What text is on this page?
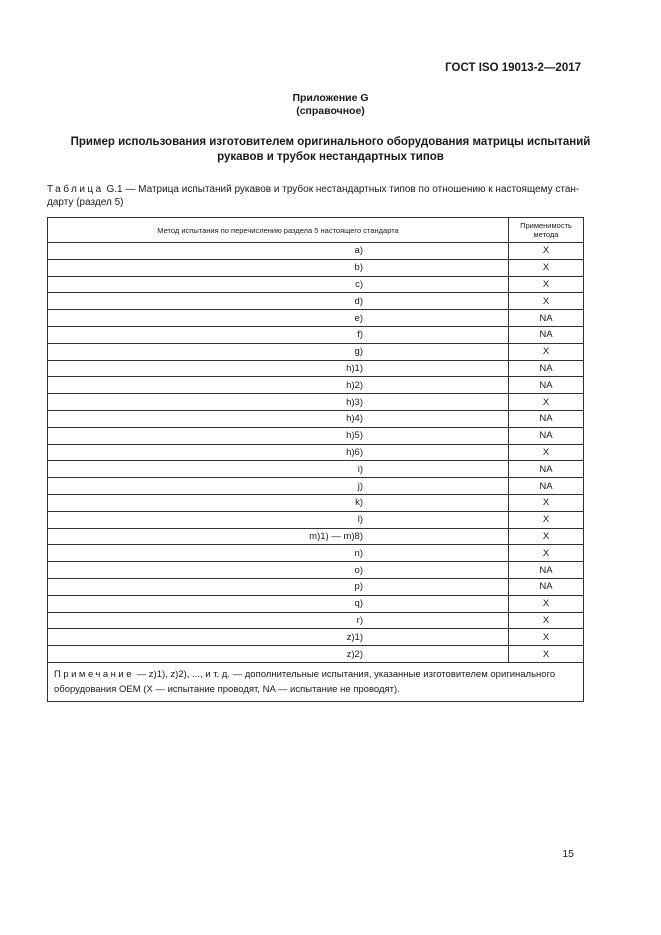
ГОСТ ISO 19013-2—2017
Приложение G
(справочное)
Пример использования изготовителем оригинального оборудования матрицы испытаний
рукавов и трубок нестандартных типов
Таблица G.1 — Матрица испытаний рукавов и трубок нестандартных типов по отношению к настоящему стан-
дарту (раздел 5)
Метод испытания по перечислению раздела 5 настоящего стандарта	Применимость метода
a)	X
b)	X
c)	X
d)	X
e)	NA
f)	NA
g)	X
h)1)	NA
h)2)	NA
h)3)	X
h)4)	NA
h)5)	NA
h)6)	X
i)	NA
j)	NA
k)	X
l)	X
m)1) — m)8)	X
n)	X
o)	NA
p)	NA
q)	X
r)	X
z)1)	X
z)2)	X
Примечание — z)1), z)2), ..., и т. д. — дополнительные испытания, указанные изготовителем оригинального оборудования OEM (X — испытание проводят, NA — испытание не проводят).	
15
